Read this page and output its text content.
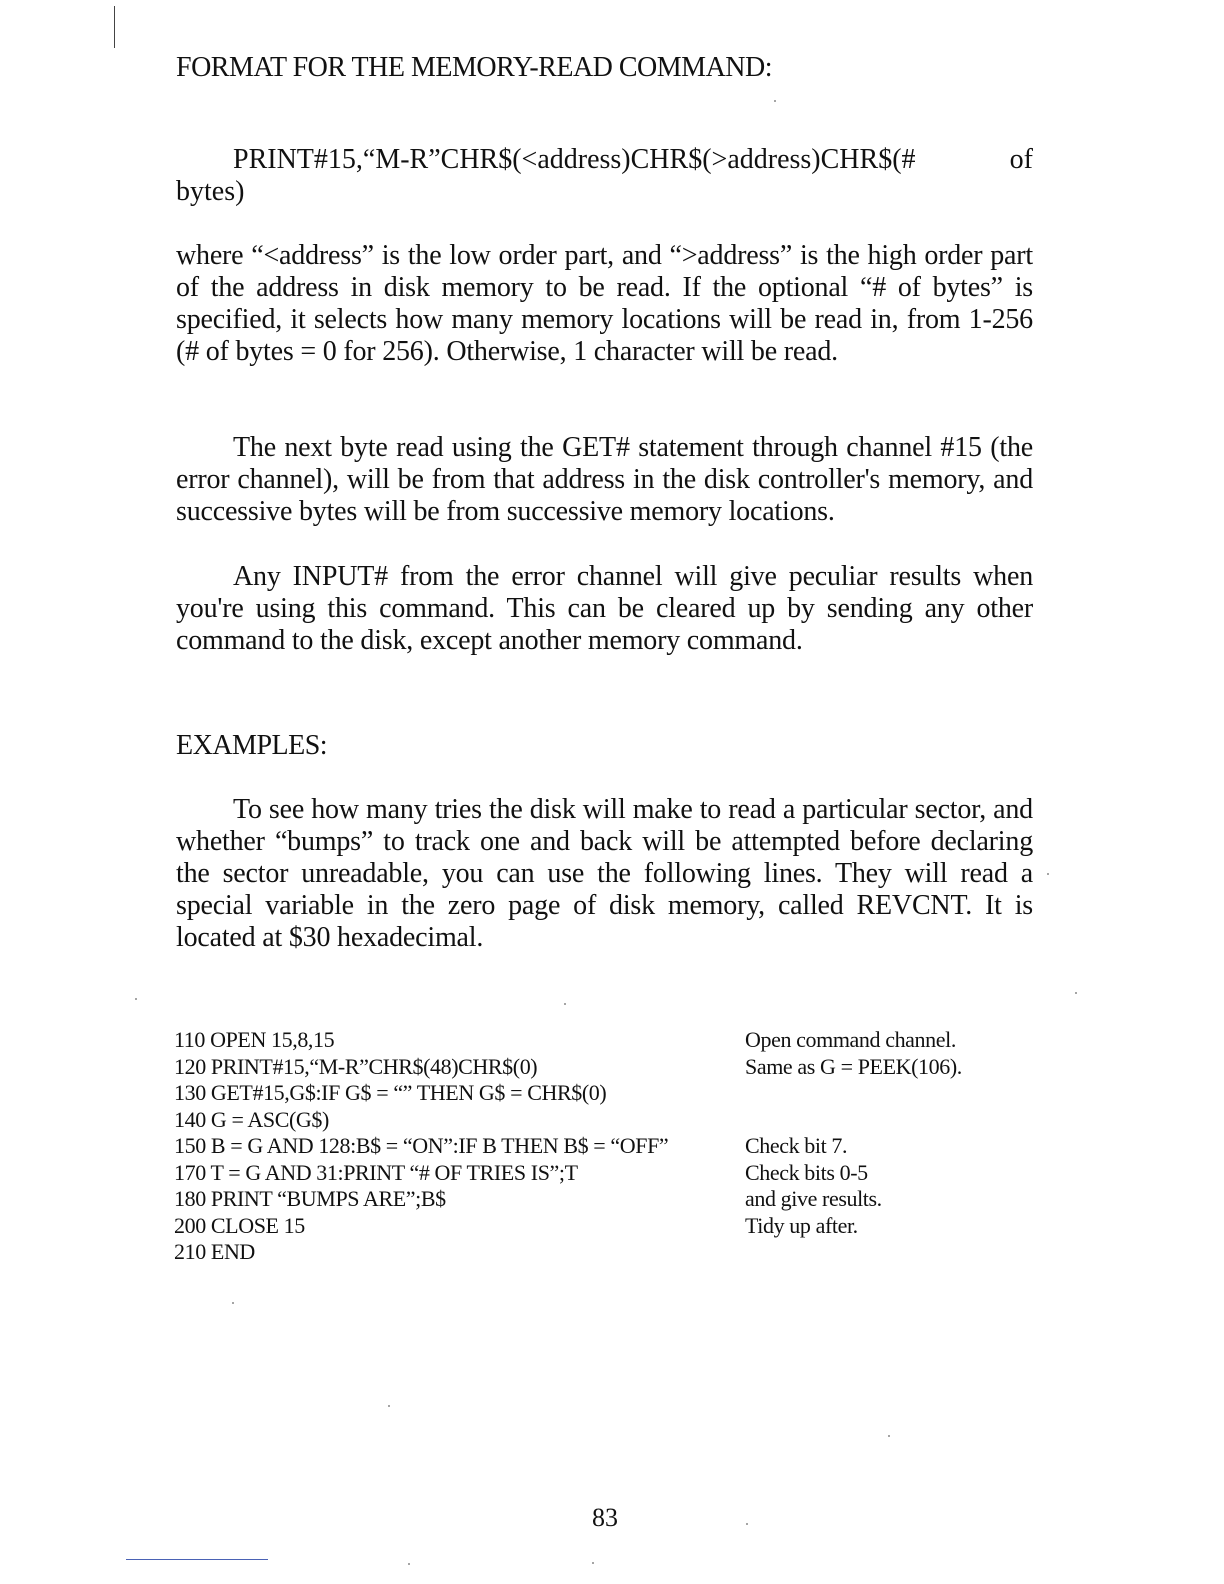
FORMAT FOR THE MEMORY-READ COMMAND:
PRINT#15,“M-R”CHR$(<address)CHR$(>address)CHR$(#	of
bytes)
where “<address” is the low order part, and “>address” is the high order part of the address in disk memory to be read. If the optional “# of bytes” is specified, it selects how many memory locations will be read in, from 1-256 (# of bytes = 0 for 256). Otherwise, 1 character will be read.
The next byte read using the GET# statement through channel #15 (the error channel), will be from that address in the disk controller's memory, and successive bytes will be from successive memory locations.
Any INPUT# from the error channel will give peculiar results when you're using this command. This can be cleared up by sending any other command to the disk, except another memory command.
EXAMPLES:
To see how many tries the disk will make to read a particular sector, and whether “bumps” to track one and back will be attempted before declaring the sector unreadable, you can use the following lines. They will read a special variable in the zero page of disk memory, called REVCNT. It is located at $30 hexadecimal.
110 OPEN 15,8,15	Open command channel.
120 PRINT#15,“M-R”CHR$(48)CHR$(0)	Same as G = PEEK(106).
130 GET#15,G$:IF G$ = “” THEN G$ = CHR$(0)
140 G = ASC(G$)
150 B = G AND 128:B$ = “ON”:IF B THEN B$ = “OFF”	Check bit 7.
170 T = G AND 31:PRINT “# OF TRIES IS”;T	Check bits 0-5
180 PRINT “BUMPS ARE”;B$	and give results.
200 CLOSE 15	Tidy up after.
210 END
83
